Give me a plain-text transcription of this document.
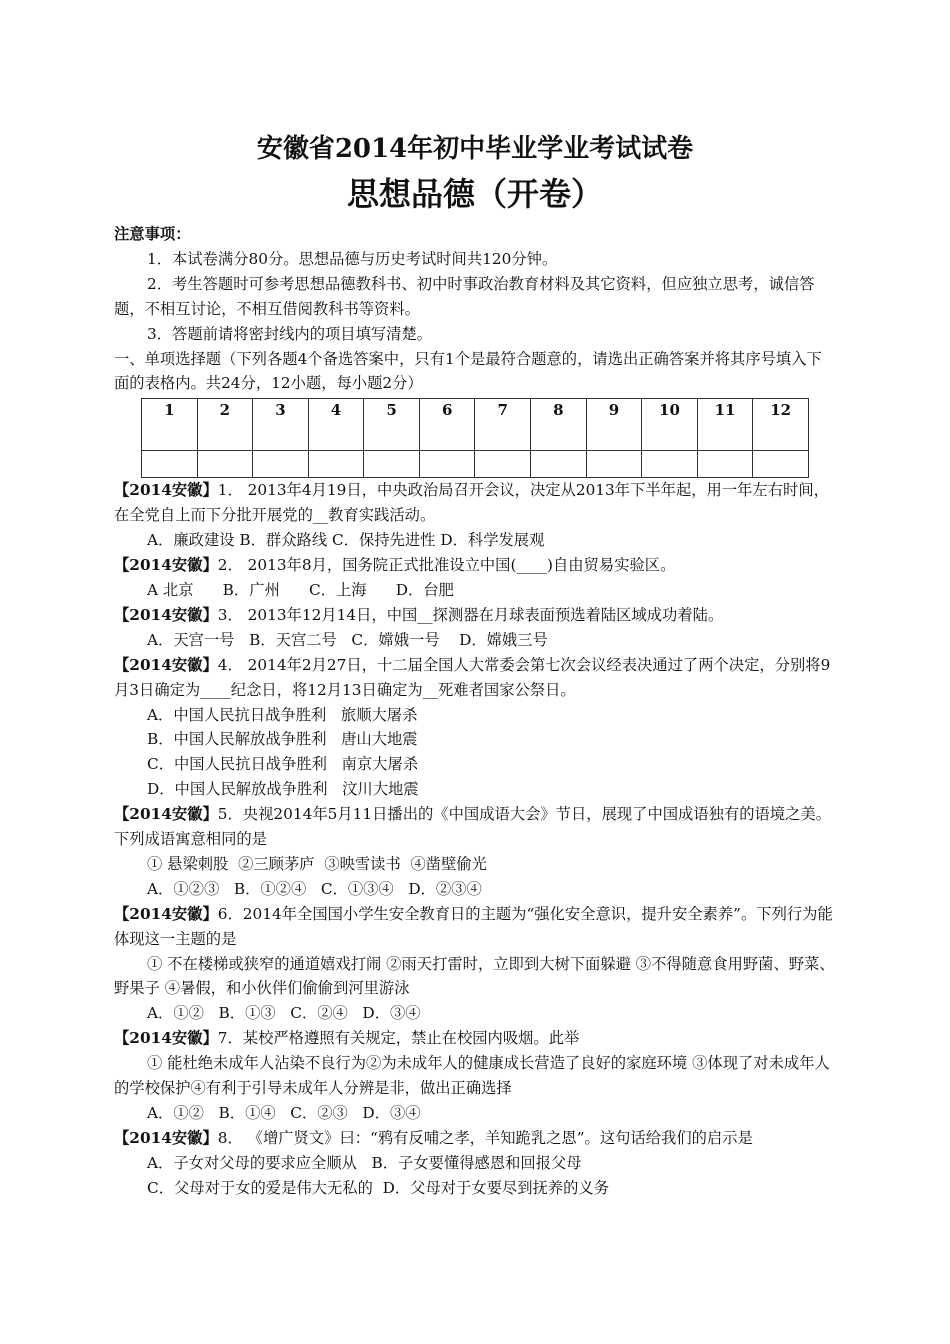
安徽省2014年初中毕业学业考试试卷
思想品德（开卷）
注意事项：
1．本试卷满分80分。思想品德与历史考试时间共120分钟。
2．考生答题时可参考思想品德教科书、初中时事政治教育材料及其它资料，但应独立思考，诚信答题，不相互讨论，不相互借阅教科书等资料。
3．答题前请将密封线内的项目填写清楚。
一、单项选择题（下列各题4个备选答案中，只有1个是最符合题意的，请选出正确答案并将其序号填入下面的表格内。共24分，12小题，每小题2分）
1	2	3	4	5	6	7	8	9	10	11	12

【2014安徽】1． 2013年4月19日，中央政治局召开会议，决定从2013年下半年起，用一年左右时间，在全党自上而下分批开展党的__教育实践活动。
A．廉政建设 B．群众路线 C．保持先进性 D．科学发展观
【2014安徽】2． 2013年8月，国务院正式批准设立中国(____)自由贸易实验区。
A 北京      B．广州      C．上海      D．台肥
【2014安徽】3． 2013年12月14日，中国__探测器在月球表面预选着陆区域成功着陆。
A．天宫一号   B．天宫二号   C．嫦娥一号    D．嫦娥三号
【2014安徽】4． 2014年2月27日，十二届全国人大常委会第七次会议经表决通过了两个决定，分别将9月3日确定为____纪念日，将12月13日确定为__死难者国家公祭日。
A．中国人民抗日战争胜利   旅顺大屠杀
B．中国人民解放战争胜利   唐山大地震
C．中国人民抗日战争胜利   南京大屠杀
D．中国人民解放战争胜利   汶川大地震
【2014安徽】5．央视2014年5月11日播出的《中国成语大会》节日，展现了中国成语独有的语境之美。下列成语寓意相同的是
① 悬梁刺股  ②三顾茅庐  ③映雪读书  ④凿壁偷光
A．①②③   B．①②④   C．①③④   D．②③④
【2014安徽】6．2014年全国国小学生安全教育日的主题为“强化安全意识，提升安全素养”。下列行为能体现这一主题的是
① 不在楼梯或狭窄的通道嬉戏打闹 ②雨天打雷时，立即到大树下面躲避 ③不得随意食用野菌、野菜、野果子 ④暑假，和小伙伴们偷偷到河里游泳
A．①②   B．①③   C．②④   D．③④
【2014安徽】7．某校严格遵照有关规定，禁止在校园内吸烟。此举
① 能杜绝未成年人沾染不良行为②为未成年人的健康成长营造了良好的家庭环境 ③体现了对未成年人的学校保护④有利于引导未成年人分辨是非，做出正确选择
A．①②   B．①④   C．②③   D．③④
【2014安徽】8． 《增广贤文》曰：“鸦有反哺之孝，羊知跪乳之恩”。这句话给我们的启示是
A．子女对父母的要求应全顺从   B．子女要懂得感恩和回报父母
C．父母对于女的爱是伟大无私的  D．父母对于女要尽到抚养的义务
